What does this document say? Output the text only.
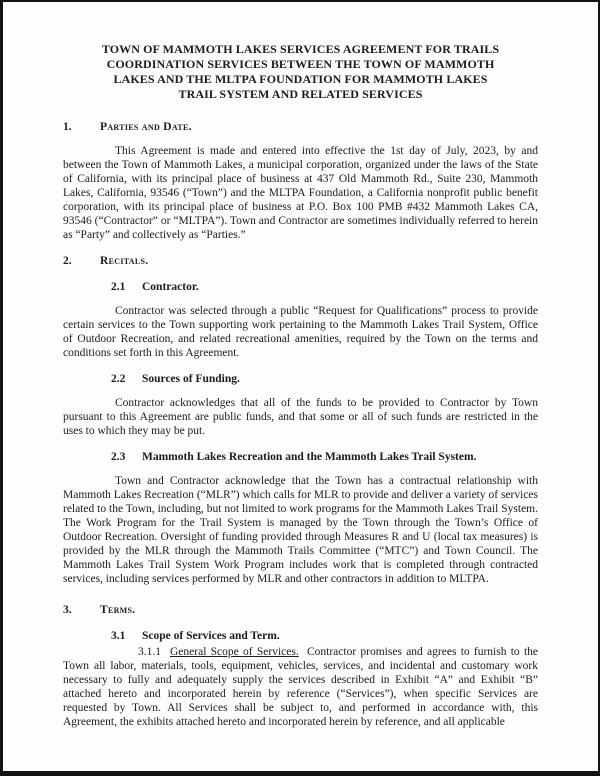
TOWN OF MAMMOTH LAKES SERVICES AGREEMENT FOR TRAILS
COORDINATION SERVICES BETWEEN THE TOWN OF MAMMOTH
LAKES AND THE MLTPA FOUNDATION FOR MAMMOTH LAKES
TRAIL SYSTEM AND RELATED SERVICES
1. Parties and Date.

This Agreement is made and entered into effective the 1st day of July, 2023, by and between the Town of Mammoth Lakes, a municipal corporation, organized under the laws of the State of California, with its principal place of business at 437 Old Mammoth Rd., Suite 230, Mammoth Lakes, California, 93546 (“Town”) and the MLTPA Foundation, a California nonprofit public benefit corporation, with its principal place of business at P.O. Box 100 PMB #432 Mammoth Lakes CA, 93546 (“Contractor” or “MLTPA”). Town and Contractor are sometimes individually referred to herein as “Party” and collectively as “Parties.”

2. Recitals.
2.1 Contractor.

Contractor was selected through a public “Request for Qualifications” process to provide certain services to the Town supporting work pertaining to the Mammoth Lakes Trail System, Office of Outdoor Recreation, and related recreational amenities, required by the Town on the terms and conditions set forth in this Agreement.

2.2 Sources of Funding.

Contractor acknowledges that all of the funds to be provided to Contractor by Town pursuant to this Agreement are public funds, and that some or all of such funds are restricted in the uses to which they may be put.

2.3 Mammoth Lakes Recreation and the Mammoth Lakes Trail System.

Town and Contractor acknowledge that the Town has a contractual relationship with Mammoth Lakes Recreation (“MLR”) which calls for MLR to provide and deliver a variety of services related to the Town, including, but not limited to work programs for the Mammoth Lakes Trail System. The Work Program for the Trail System is managed by the Town through the Town’s Office of Outdoor Recreation. Oversight of funding provided through Measures R and U (local tax measures) is provided by the MLR through the Mammoth Trails Committee (“MTC”) and Town Council. The Mammoth Lakes Trail System Work Program includes work that is completed through contracted services, including services performed by MLR and other contractors in addition to MLTPA.

3. Terms.
3.1 Scope of Services and Term.

3.1.1 General Scope of Services. Contractor promises and agrees to furnish to the Town all labor, materials, tools, equipment, vehicles, services, and incidental and customary work necessary to fully and adequately supply the services described in Exhibit “A” and Exhibit “B” attached hereto and incorporated herein by reference (“Services”), when specific Services are requested by Town. All Services shall be subject to, and performed in accordance with, this Agreement, the exhibits attached hereto and incorporated herein by reference, and all applicable
